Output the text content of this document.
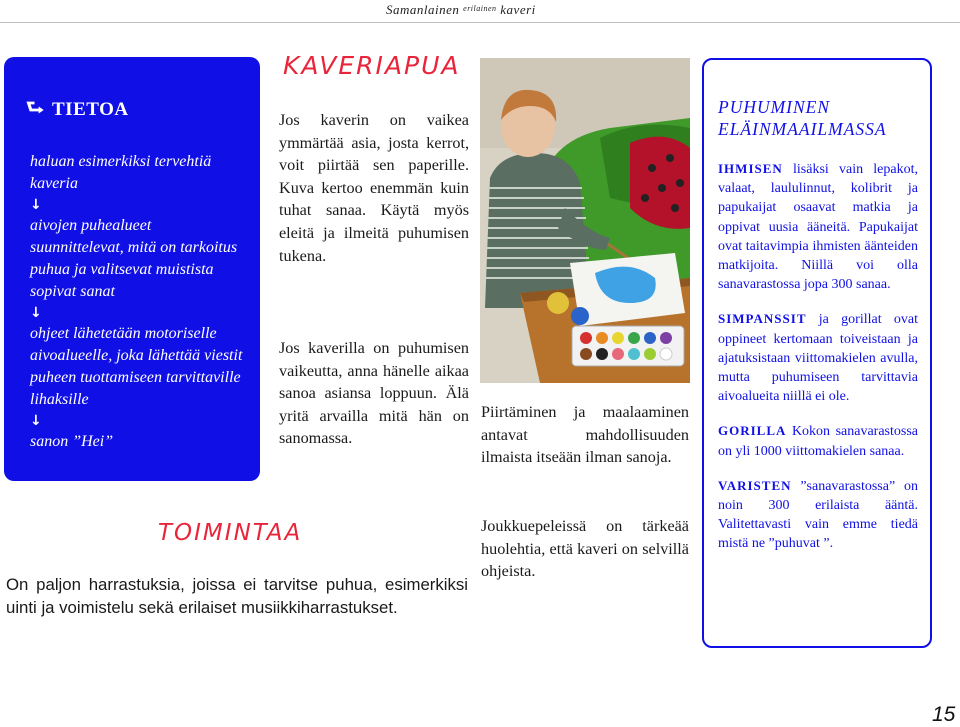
Samanlainen $^{erilainen}$ kaveri
⮑ TIETOA

haluan esimerkiksi tervehtiä kaveria

↓

aivojen puhealueet suunnittelevat, mitä on tarkoitus puhua ja valitsevat muistista sopivat sanat

↓

ohjeet lähetetään motoriselle aivoalueelle, joka lähettää viestit puheen tuottamiseen tarvittaville lihaksille

↓

sanon ”Hei”

KAVERIAPUA

Jos kaverin on vaikea ymmärtää asia, josta kerrot, voit piirtää sen paperille. Kuva kertoo enemmän kuin tuhat sanaa. Käytä myös eleitä ja ilmeitä puhumisen tukena.

Jos kaverilla on puhumisen vaikeutta, anna hänelle aikaa sanoa asiansa loppuun. Älä yritä arvailla mitä hän on sanomassa.

TOIMINTAA

On paljon harrastuksia, joissa ei tarvitse puhua, esimerkiksi uinti ja voimistelu sekä erilaiset musiikkiharrastukset.

Piirtäminen ja maalaaminen antavat mahdollisuuden ilmaista itseään ilman sanoja.

Joukkuepeleissä on tärkeää huolehtia, että kaveri on selvillä ohjeista.

PUHUMINEN ELÄINMAAILMASSA

IHMISEN lisäksi vain lepakot, valaat, laululinnut, kolibrit ja papukaijat osaavat matkia ja oppivat uusia ääneitä. Papukaijat ovat taitavimpia ihmisten äänteiden matkijoita. Niillä voi olla sanavarastossa jopa 300 sanaa.

SIMPANSSIT ja gorillat ovat oppineet kertomaan toiveistaan ja ajatuksistaan viittomakielen avulla, mutta puhumiseen tarvittavia aivoalueita niillä ei ole.

GORILLA Kokon sanavarastossa on yli 1000 viittomakielen sanaa.

VARISTEN ”sanavarastossa” on noin 300 erilaista ääntä. Valitettavasti vain emme tiedä mistä ne ”puhuvat ”.

15
